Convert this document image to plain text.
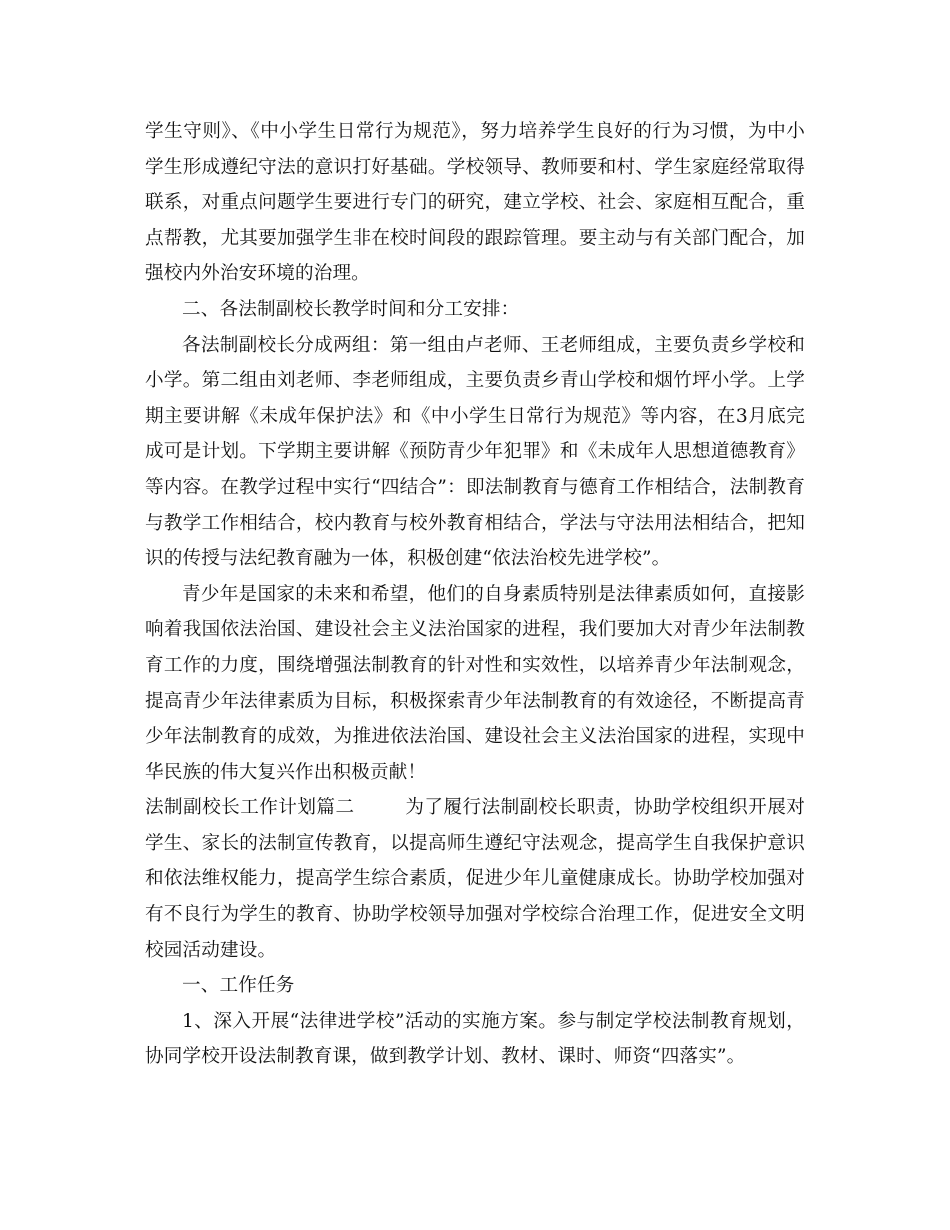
学生守则》、《中小学生日常行为规范》，努力培养学生良好的行为习惯，为中小学生形成遵纪守法的意识打好基础。学校领导、教师要和村、学生家庭经常取得联系，对重点问题学生要进行专门的研究，建立学校、社会、家庭相互配合，重点帮教，尤其要加强学生非在校时间段的跟踪管理。要主动与有关部门配合，加强校内外治安环境的治理。

二、各法制副校长教学时间和分工安排：

各法制副校长分成两组：第一组由卢老师、王老师组成，主要负责乡学校和小学。第二组由刘老师、李老师组成，主要负责乡青山学校和烟竹坪小学。上学期主要讲解《未成年保护法》和《中小学生日常行为规范》等内容，在3月底完成可是计划。下学期主要讲解《预防青少年犯罪》和《未成年人思想道德教育》等内容。在教学过程中实行“四结合”：即法制教育与德育工作相结合，法制教育与教学工作相结合，校内教育与校外教育相结合，学法与守法用法相结合，把知识的传授与法纪教育融为一体，积极创建“依法治校先进学校”。

青少年是国家的未来和希望，他们的自身素质特别是法律素质如何，直接影响着我国依法治国、建设社会主义法治国家的进程，我们要加大对青少年法制教育工作的力度，围绕增强法制教育的针对性和实效性，以培养青少年法制观念，提高青少年法律素质为目标，积极探索青少年法制教育的有效途径，不断提高青少年法制教育的成效，为推进依法治国、建设社会主义法治国家的进程，实现中华民族的伟大复兴作出积极贡献！

法制副校长工作计划篇二        为了履行法制副校长职责，协助学校组织开展对学生、家长的法制宣传教育，以提高师生遵纪守法观念，提高学生自我保护意识和依法维权能力，提高学生综合素质，促进少年儿童健康成长。协助学校加强对有不良行为学生的教育、协助学校领导加强对学校综合治理工作，促进安全文明校园活动建设。

一、工作任务

1、深入开展“法律进学校”活动的实施方案。参与制定学校法制教育规划，协同学校开设法制教育课，做到教学计划、教材、课时、师资“四落实”。
